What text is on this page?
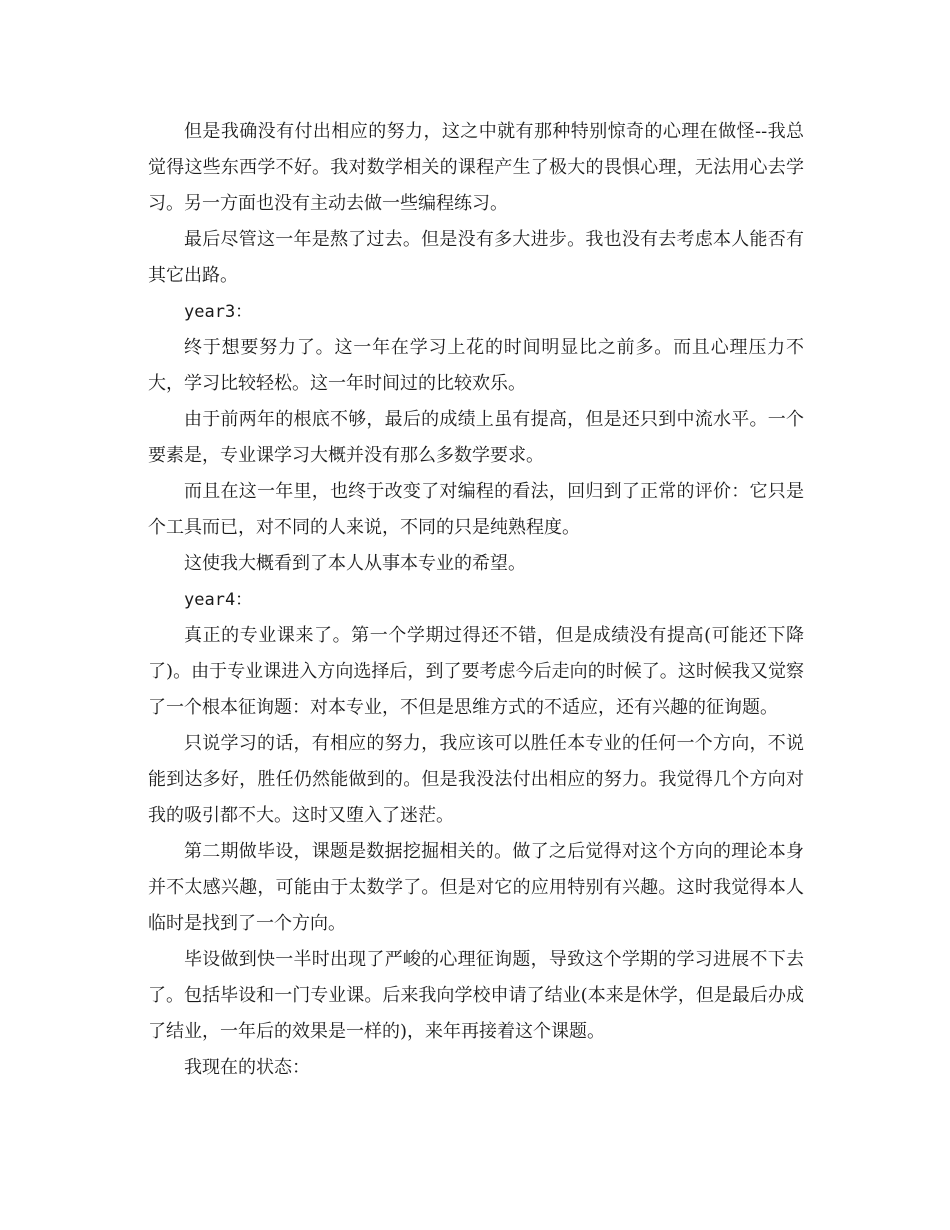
但是我确没有付出相应的努力，这之中就有那种特别惊奇的心理在做怪--我总觉得这些东西学不好。我对数学相关的课程产生了极大的畏惧心理，无法用心去学习。另一方面也没有主动去做一些编程练习。

最后尽管这一年是熬了过去。但是没有多大进步。我也没有去考虑本人能否有其它出路。

year3：

终于想要努力了。这一年在学习上花的时间明显比之前多。而且心理压力不大，学习比较轻松。这一年时间过的比较欢乐。

由于前两年的根底不够，最后的成绩上虽有提高，但是还只到中流水平。一个要素是，专业课学习大概并没有那么多数学要求。

而且在这一年里，也终于改变了对编程的看法，回归到了正常的评价：它只是个工具而已，对不同的人来说，不同的只是纯熟程度。

这使我大概看到了本人从事本专业的希望。

year4：

真正的专业课来了。第一个学期过得还不错，但是成绩没有提高(可能还下降了)。由于专业课进入方向选择后，到了要考虑今后走向的时候了。这时候我又觉察了一个根本征询题：对本专业，不但是思维方式的不适应，还有兴趣的征询题。

只说学习的话，有相应的努力，我应该可以胜任本专业的任何一个方向，不说能到达多好，胜任仍然能做到的。但是我没法付出相应的努力。我觉得几个方向对我的吸引都不大。这时又堕入了迷茫。

第二期做毕设，课题是数据挖掘相关的。做了之后觉得对这个方向的理论本身并不太感兴趣，可能由于太数学了。但是对它的应用特别有兴趣。这时我觉得本人临时是找到了一个方向。

毕设做到快一半时出现了严峻的心理征询题，导致这个学期的学习进展不下去了。包括毕设和一门专业课。后来我向学校申请了结业(本来是休学，但是最后办成了结业，一年后的效果是一样的)，来年再接着这个课题。

我现在的状态：
